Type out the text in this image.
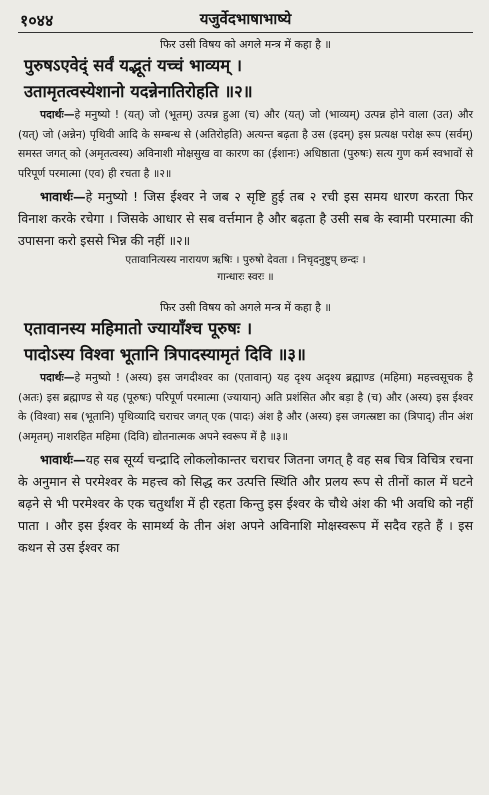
१०४४	यजुर्वेदभाषाभाष्ये
फिर उसी विषय को अगले मन्त्र में कहा है ॥
पुरुषऽएवेद्ं सर्वं यद्भूतं यच्चं भाव्यम् ।
उतामृतत्वस्येशानो यदन्नेनातिरोहति ॥२॥

पदार्थः—हे मनुष्यो ! (यत्) जो (भूतम्) उत्पन्न हुआ (च) और (यत्) जो (भाव्यम्) उत्पन्न होने वाला (उत) और (यत्) जो (अन्नेन) पृथिवी आदि के सम्बन्ध से (अतिरोहति) अत्यन्त बढ़ता है उस (इदम्) इस प्रत्यक्ष परोक्ष रूप (सर्वम्) समस्त जगत् को (अमृतत्वस्य) अविनाशी मोक्षसुख वा कारण का (ईशानः) अधिष्ठाता (पुरुषः) सत्य गुण कर्म स्वभावों से परिपूर्ण परमात्मा (एव) ही रचता है ॥२॥

भावार्थः—हे मनुष्यो ! जिस ईश्वर ने जब २ सृष्टि हुई तब २ रची इस समय धारण करता फिर विनाश करके रचेगा । जिसके आधार से सब वर्त्तमान है और बढ़ता है उसी सब के स्वामी परमात्मा की उपासना करो इससे भिन्न की नहीं ॥२॥

एतावानित्यस्य नारायण ऋषिः । पुरुषो देवता । निचृदनुष्टुप् छन्दः ।
गान्धारः स्वरः ॥
फिर उसी विषय को अगले मन्त्र में कहा है ॥
एतावानस्य महिमातो ज्यायाँश्च पूरुषः ।
पादोऽस्य विश्वा भूतानि त्रिपादस्यामृतं दिवि ॥३॥

पदार्थः—हे मनुष्यो ! (अस्य) इस जगदीश्वर का (एतावान्) यह दृश्य अदृश्य ब्रह्माण्ड (महिमा) महत्त्वसूचक है (अतः) इस ब्रह्माण्ड से यह (पूरुषः) परिपूर्ण परमात्मा (ज्यायान्) अति प्रशंसित और बड़ा है (च) और (अस्य) इस ईश्वर के (विश्वा) सब (भूतानि) पृथिव्यादि चराचर जगत् एक (पादः) अंश है और (अस्य) इस जगत्स्रष्टा का (त्रिपाद्) तीन अंश (अमृतम्) नाशरहित महिमा (दिवि) द्योतनात्मक अपने स्वरूप में है ॥३॥

भावार्थः—यह सब सूर्य्य चन्द्रादि लोकलोकान्तर चराचर जितना जगत् है वह सब चित्र विचित्र रचना के अनुमान से परमेश्वर के महत्त्व को सिद्ध कर उत्पत्ति स्थिति और प्रलय रूप से तीनों काल में घटने बढ़ने से भी परमेश्वर के एक चतुर्थांश में ही रहता किन्तु इस ईश्वर के चौथे अंश की भी अवधि को नहीं पाता । और इस ईश्वर के सामर्थ्य के तीन अंश अपने अविनाशि मोक्षस्वरूप में सदैव रहते हैं । इस कथन से उस ईश्वर का
